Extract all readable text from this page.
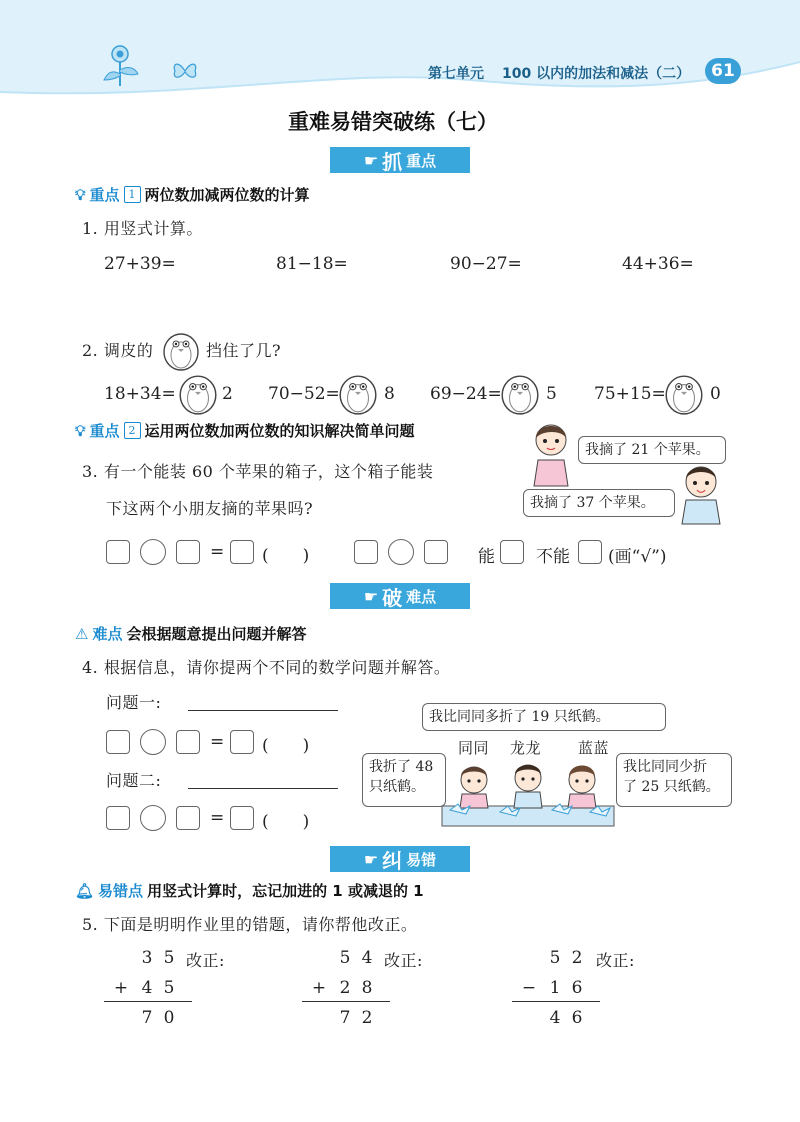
第七单元 100 以内的加法和减法（二）	61
重难易错突破练（七）
☛ 抓 重点
💡︎ 重点 1 两位数加减两位数的计算
1. 用竖式计算。
27+39=	81−18=	90−27=	44+36=
2. 调皮的	挡住了几?
18+34=	2 70−52=	8 69−24=	5 75+15=	0
💡︎ 重点 2 运用两位数加两位数的知识解决简单问题
3. 有一个能装 60 个苹果的箱子，这个箱子能装
下这两个小朋友摘的苹果吗?
我摘了 21 个苹果。
我摘了 37 个苹果。
= (　　)	能 不能 (画“√”)
☛ 破 难点
⚠ 难点 会根据题意提出问题并解答
4. 根据信息，请你提两个不同的数学问题并解答。
问题一:
= (　　)
问题二:
= (　　)
我比同同多折了 19 只纸鹤。
同同 龙龙 蓝蓝
我折了 48
只纸鹤。
我比同同少折
了 25 只纸鹤。
☛ 纠 易错
🔔︎ 易错点 用竖式计算时，忘记加进的 1 或减退的 1
5. 下面是明明作业里的错题，请你帮他改正。
3 5 改正:
+ 4 5
7 0
5 4 改正:
+ 2 8
7 2
5 2 改正:
− 1 6
4 6
